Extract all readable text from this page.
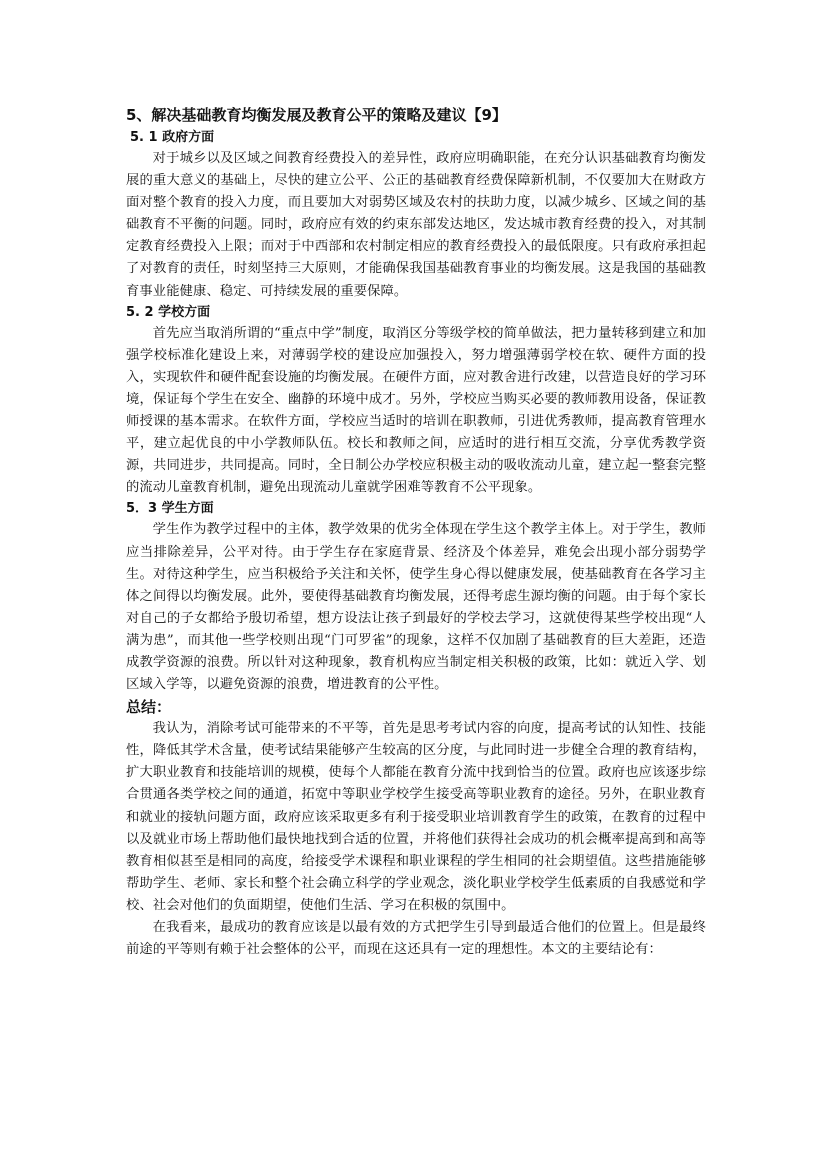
5、解决基础教育均衡发展及教育公平的策略及建议【9】
5. 1 政府方面

对于城乡以及区域之间教育经费投入的差异性，政府应明确职能，在充分认识基础教育均衡发展的重大意义的基础上，尽快的建立公平、公正的基础教育经费保障新机制，不仅要加大在财政方面对整个教育的投入力度，而且要加大对弱势区域及农村的扶助力度，以减少城乡、区域之间的基础教育不平衡的问题。同时，政府应有效的约束东部发达地区，发达城市教育经费的投入，对其制定教育经费投入上限；而对于中西部和农村制定相应的教育经费投入的最低限度。只有政府承担起了对教育的责任，时刻坚持三大原则，才能确保我国基础教育事业的均衡发展。这是我国的基础教育事业能健康、稳定、可持续发展的重要保障。

5. 2 学校方面

首先应当取消所谓的“重点中学”制度，取消区分等级学校的简单做法，把力量转移到建立和加强学校标准化建设上来，对薄弱学校的建设应加强投入，努力增强薄弱学校在软、硬件方面的投入，实现软件和硬件配套设施的均衡发展。在硬件方面，应对教舍进行改建，以营造良好的学习环境，保证每个学生在安全、幽静的环境中成才。另外，学校应当购买必要的教师教用设备，保证教师授课的基本需求。在软件方面，学校应当适时的培训在职教师，引进优秀教师，提高教育管理水平，建立起优良的中小学教师队伍。校长和教师之间，应适时的进行相互交流，分享优秀教学资源，共同进步，共同提高。同时，全日制公办学校应积极主动的吸收流动儿童，建立起一整套完整的流动儿童教育机制，避免出现流动儿童就学困难等教育不公平现象。

5．3 学生方面

学生作为教学过程中的主体，教学效果的优劣全体现在学生这个教学主体上。对于学生，教师应当排除差异，公平对待。由于学生存在家庭背景、经济及个体差异，难免会出现小部分弱势学生。对待这种学生，应当积极给予关注和关怀，使学生身心得以健康发展，使基础教育在各学习主体之间得以均衡发展。此外，要使得基础教育均衡发展，还得考虑生源均衡的问题。由于每个家长对自己的子女都给予殷切希望，想方设法让孩子到最好的学校去学习，这就使得某些学校出现“人满为患”，而其他一些学校则出现“门可罗雀”的现象，这样不仅加剧了基础教育的巨大差距，还造成教学资源的浪费。所以针对这种现象，教育机构应当制定相关积极的政策，比如：就近入学、划区域入学等，以避免资源的浪费，增进教育的公平性。

总结：

我认为，消除考试可能带来的不平等，首先是思考考试内容的向度，提高考试的认知性、技能性，降低其学术含量，使考试结果能够产生较高的区分度，与此同时进一步健全合理的教育结构，扩大职业教育和技能培训的规模，使每个人都能在教育分流中找到恰当的位置。政府也应该逐步综合贯通各类学校之间的通道，拓宽中等职业学校学生接受高等职业教育的途径。另外，在职业教育和就业的接轨问题方面，政府应该采取更多有利于接受职业培训教育学生的政策，在教育的过程中以及就业市场上帮助他们最快地找到合适的位置，并将他们获得社会成功的机会概率提高到和高等教育相似甚至是相同的高度，给接受学术课程和职业课程的学生相同的社会期望值。这些措施能够帮助学生、老师、家长和整个社会确立科学的学业观念，淡化职业学校学生低素质的自我感觉和学校、社会对他们的负面期望，使他们生活、学习在积极的氛围中。

在我看来，最成功的教育应该是以最有效的方式把学生引导到最适合他们的位置上。但是最终前途的平等则有赖于社会整体的公平，而现在这还具有一定的理想性。本文的主要结论有：
